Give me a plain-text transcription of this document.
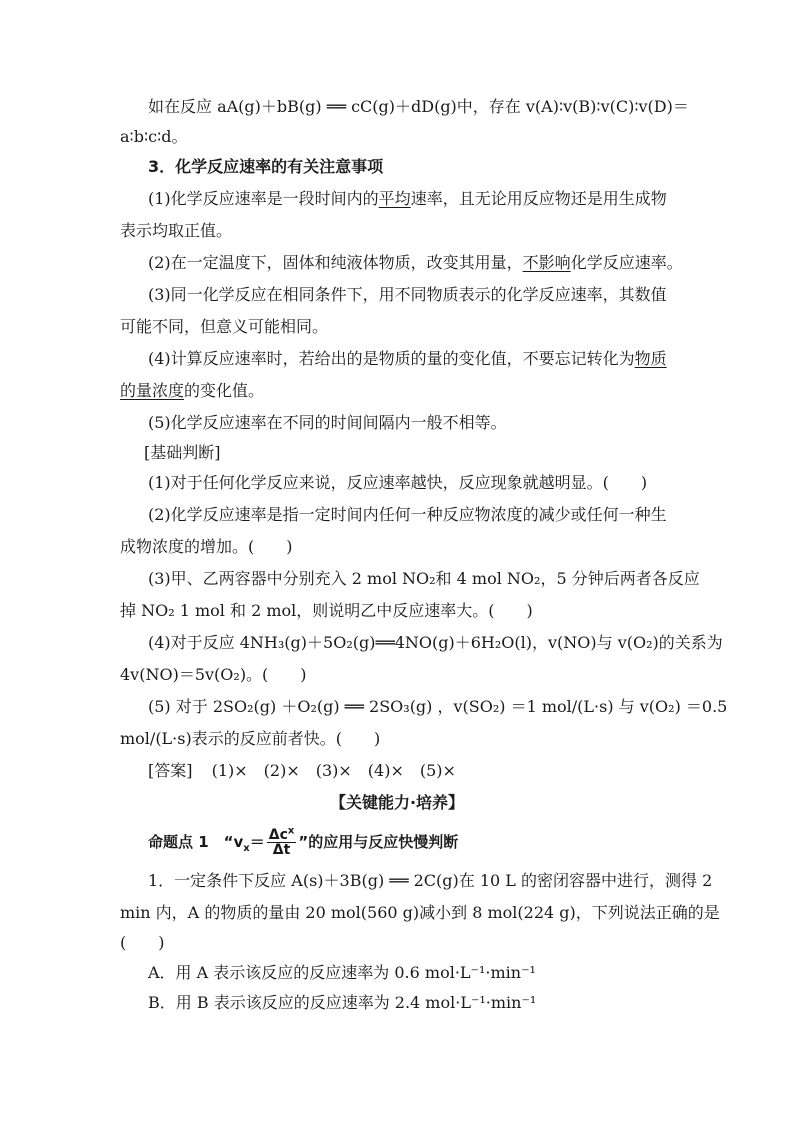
如在反应 aA(g)＋bB(g) ══ cC(g)＋dD(g)中，存在 v(A)∶v(B)∶v(C)∶v(D)＝
a∶b∶c∶d。
3．化学反应速率的有关注意事项
(1)化学反应速率是一段时间内的平均速率，且无论用反应物还是用生成物
表示均取正值。
(2)在一定温度下，固体和纯液体物质，改变其用量，不影响化学反应速率。
(3)同一化学反应在相同条件下，用不同物质表示的化学反应速率，其数值
可能不同，但意义可能相同。
(4)计算反应速率时，若给出的是物质的量的变化值，不要忘记转化为物质
的量浓度的变化值。
(5)化学反应速率在不同的时间间隔内一般不相等。
[基础判断]
(1)对于任何化学反应来说，反应速率越快，反应现象就越明显。(　　)
(2)化学反应速率是指一定时间内任何一种反应物浓度的减少或任何一种生
成物浓度的增加。(　　)
(3)甲、乙两容器中分别充入 2 mol NO₂和 4 mol NO₂，5 分钟后两者各反应
掉 NO₂ 1 mol 和 2 mol，则说明乙中反应速率大。(　　)
(4)对于反应 4NH₃(g)＋5O₂(g)══4NO(g)＋6H₂O(l)，v(NO)与 v(O₂)的关系为
4v(NO)＝5v(O₂)。(　　)
(5) 对于 2SO₂(g) ＋O₂(g) ══ 2SO₃(g) ，v(SO₂) ＝1 mol/(L·s) 与 v(O₂) ＝0.5
mol/(L·s)表示的反应前者快。(　　)
[答案] (1)×　(2)×　(3)×　(4)×　(5)×
【关键能力·培养】
命题点 1　“$v_x= \frac{\Delta c^x}{\Delta t}$ ”的应用与反应快慢判断
1．一定条件下反应 A(s)＋3B(g) ══ 2C(g)在 10 L 的密闭容器中进行，测得 2
min 内，A 的物质的量由 20 mol(560 g)减小到 8 mol(224 g)，下列说法正确的是
(　　)
A．用 A 表示该反应的反应速率为 0.6 mol·L⁻¹·min⁻¹
B．用 B 表示该反应的反应速率为 2.4 mol·L⁻¹·min⁻¹
